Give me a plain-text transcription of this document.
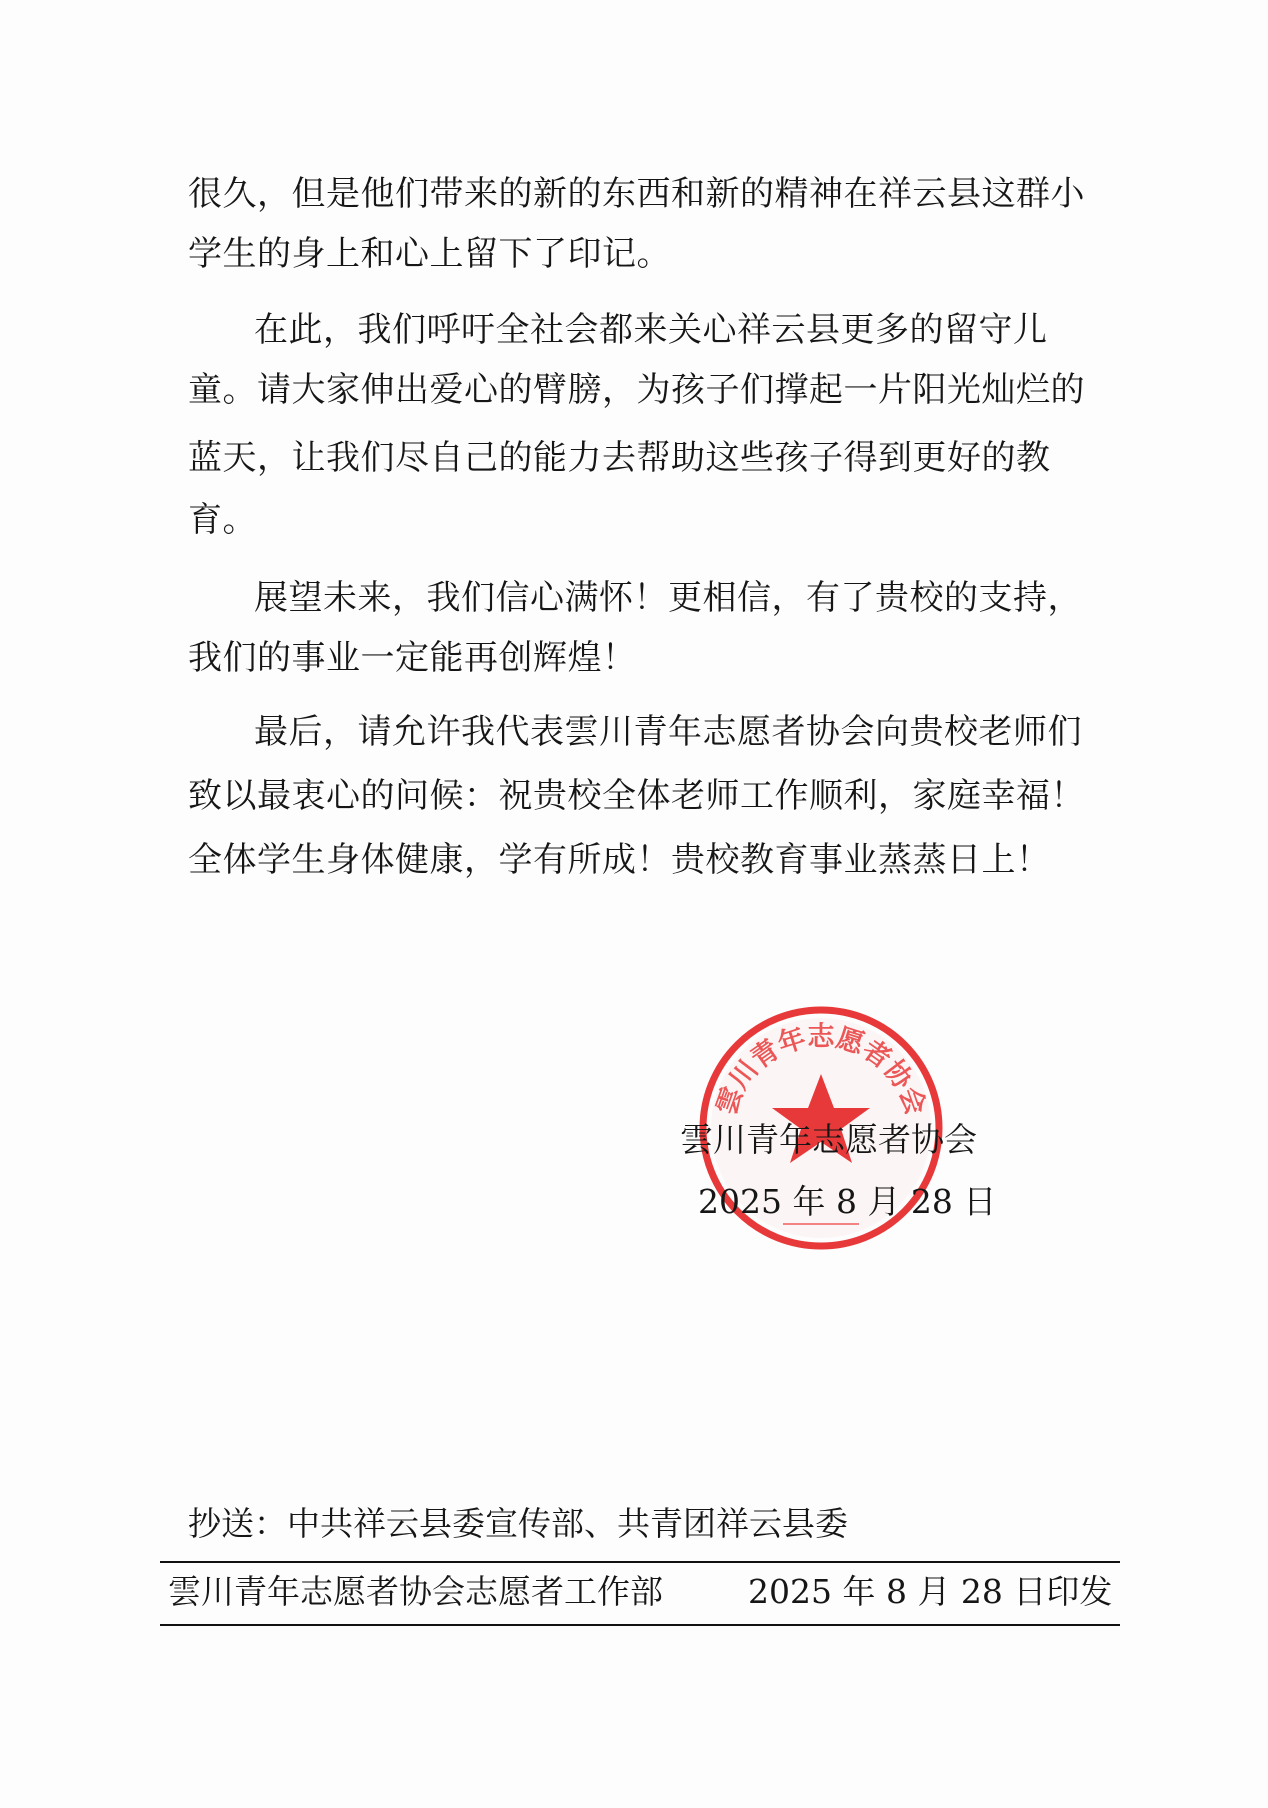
很久，但是他们带来的新的东西和新的精神在祥云县这群小
学生的身上和心上留下了印记。
在此，我们呼吁全社会都来关心祥云县更多的留守儿
童。请大家伸出爱心的臂膀，为孩子们撑起一片阳光灿烂的
蓝天，让我们尽自己的能力去帮助这些孩子得到更好的教
育。
展望未来，我们信心满怀！更相信，有了贵校的支持，
我们的事业一定能再创辉煌！
最后，请允许我代表雲川青年志愿者协会向贵校老师们
致以最衷心的问候：祝贵校全体老师工作顺利，家庭幸福！
全体学生身体健康，学有所成！贵校教育事业蒸蒸日上！
雲川青年志愿者协会
雲川青年志愿者协会
2025 年 8 月 28 日
抄送：中共祥云县委宣传部、共青团祥云县委
雲川青年志愿者协会志愿者工作部	2025 年 8 月 28 日印发
